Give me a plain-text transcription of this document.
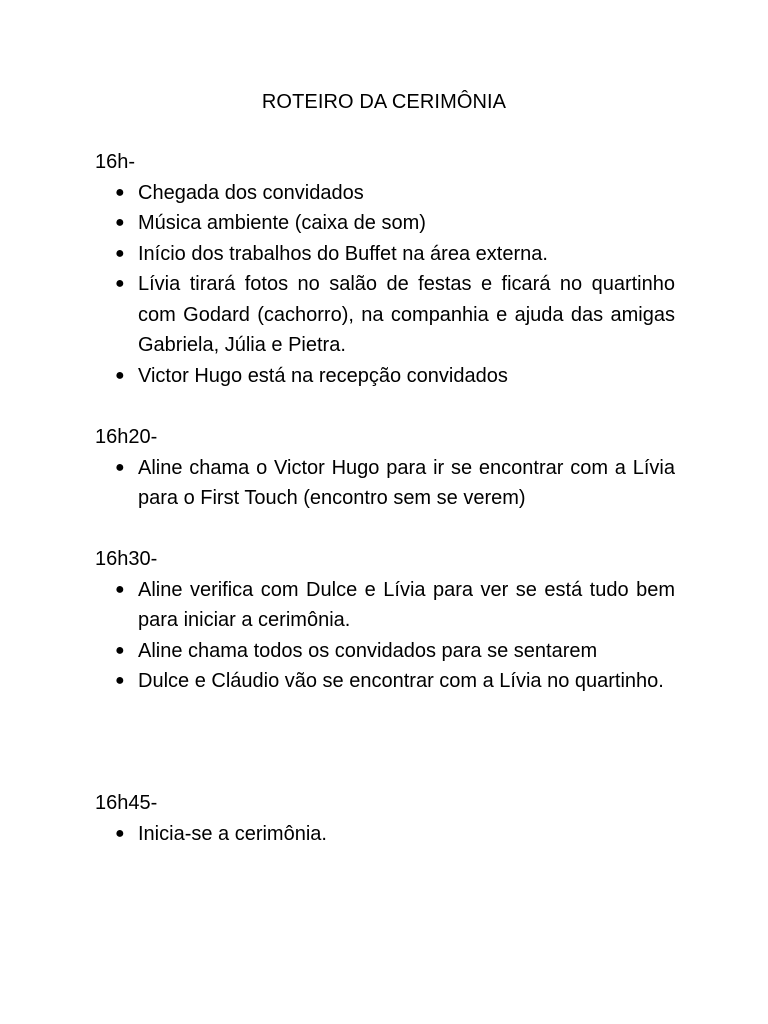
ROTEIRO DA CERIMÔNIA

16h-

● Chegada dos convidados
● Música ambiente (caixa de som)
● Início dos trabalhos do Buffet na área externa.
● Lívia tirará fotos no salão de festas e ficará no quartinho com Godard (cachorro), na companhia e ajuda das amigas Gabriela, Júlia e Pietra.
● Victor Hugo está na recepção convidados

16h20-

● Aline chama o Victor Hugo para ir se encontrar com a Lívia para o First Touch (encontro sem se verem)

16h30-

● Aline verifica com Dulce e Lívia para ver se está tudo bem para iniciar a cerimônia.
● Aline chama todos os convidados para se sentarem
● Dulce e Cláudio vão se encontrar com a Lívia no quartinho.

16h45-

● Inicia-se a cerimônia.
